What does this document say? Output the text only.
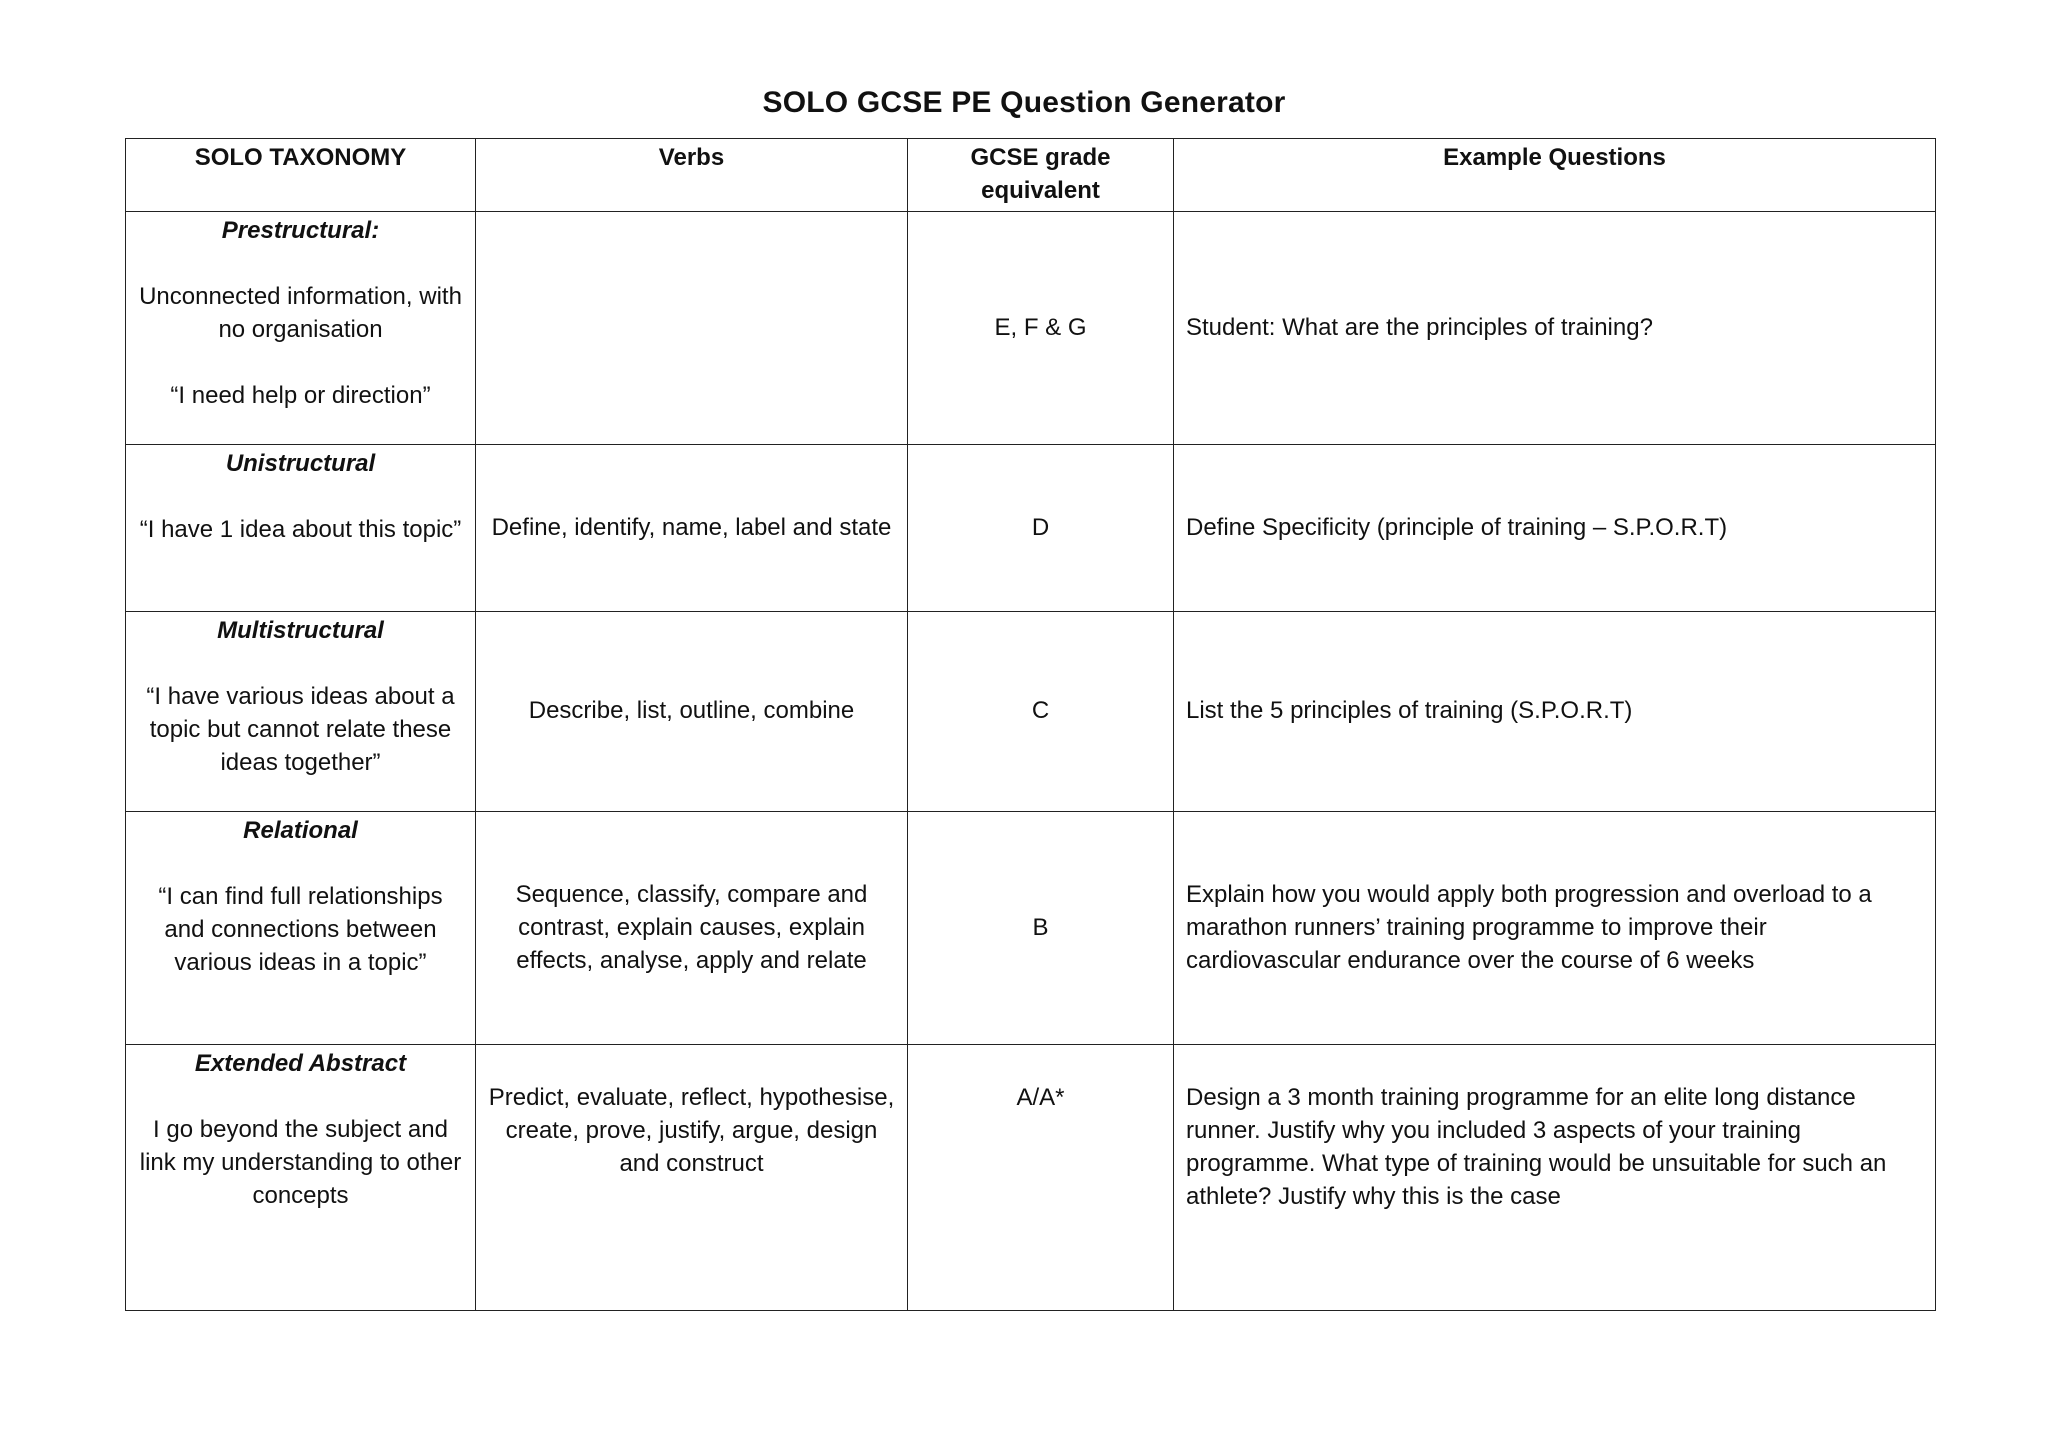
SOLO GCSE PE Question Generator
SOLO TAXONOMY	Verbs	GCSE grade equivalent	Example Questions

Prestructural:
Unconnected information, with no organisation
“I need help or direction”		E, F & G	Student: What are the principles of training?

Unistructural
“I have 1 idea about this topic”	Define, identify, name, label and state	D	Define Specificity (principle of training – S.P.O.R.T)

Multistructural
“I have various ideas about a topic but cannot relate these ideas together”	Describe, list, outline, combine	C	List the 5 principles of training (S.P.O.R.T)

Relational
“I can find full relationships and connections between various ideas in a topic”	Sequence, classify, compare and contrast, explain causes, explain effects, analyse, apply and relate	B	Explain how you would apply both progression and overload to a marathon runners’ training programme to improve their cardiovascular endurance over the course of 6 weeks

Extended Abstract
I go beyond the subject and link my understanding to other concepts	Predict, evaluate, reflect, hypothesise, create, prove, justify, argue, design and construct	A/A*	Design a 3 month training programme for an elite long distance runner. Justify why you included 3 aspects of your training programme. What type of training would be unsuitable for such an athlete? Justify why this is the case
